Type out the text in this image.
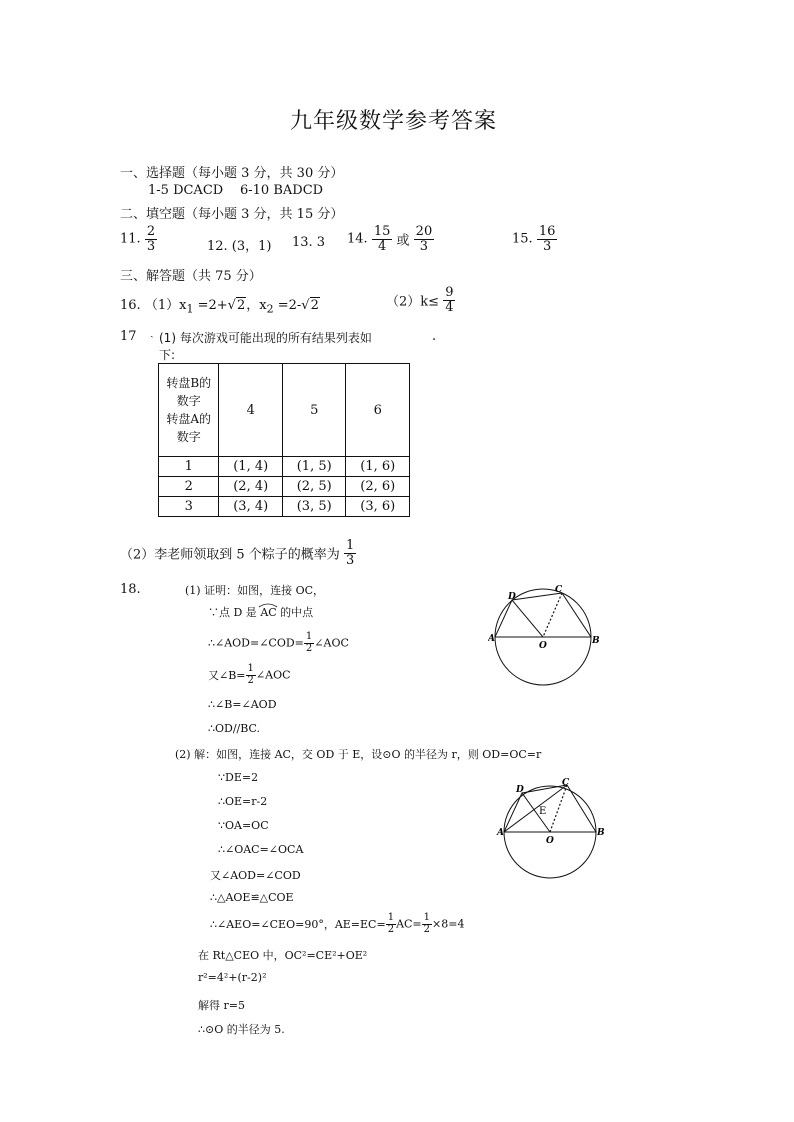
九年级数学参考答案
一、选择题（每小题 3 分，共 30 分）
1-5 DCACD 6-10 BADCD
二、填空题（每小题 3 分，共 15 分）
11. $\frac{2}{3}$	12. (3，1) 13. 3 14. $\frac{15}{4}$ 或 $\frac{20}{3}$	15. $\frac{16}{3}$
三、解答题（共 75 分）
16. $(1)x_1 =2+√2$，$x_2 =2-√2$	$(2)k\le \frac{9}{4}$
17 ˎ (1) 每次游戏可能出现的所有结果列表如	.
下:
转盘B的
数字
转盘A的
数字	4	5	6
1	(1, 4)	(1, 5)	(1, 6)
2	(2, 4)	(2, 5)	(2, 6)
3	(3, 4)	(3, 5)	(3, 6)
（2）李老师领取到 5 个粽子的概率为 $\frac{1}{3}$
18.	(1) 证明：如图，连接 OC，
∵点 D 是 AC
的中点
∴∠AOD=∠COD= $\frac{1}{2}$ ∠AOC
又∠B= $\frac{1}{2}$ ∠AOC
∴∠B=∠AOD
∴OD//BC.
(2) 解：如图，连接 AC，交 OD 于 E，设⊙O 的半径为 r，则 OD=OC=r
∵DE=2
∴OE=r-2
∵OA=OC
∴∠OAC=∠OCA
又∠AOD=∠COD
∴△AOE≌△COE
∴∠AEO=∠CEO=90°，$AE=EC= \frac{1}{2} AC= \frac{1}{2} \times 8=4$
在 Rt△CEO 中，OC²=CE²+OE²
r²=4²+(r-2)²
解得 r=5
∴⊙O 的半径为 5.
A	B
C
D
O
A	B
C
D
E
O
